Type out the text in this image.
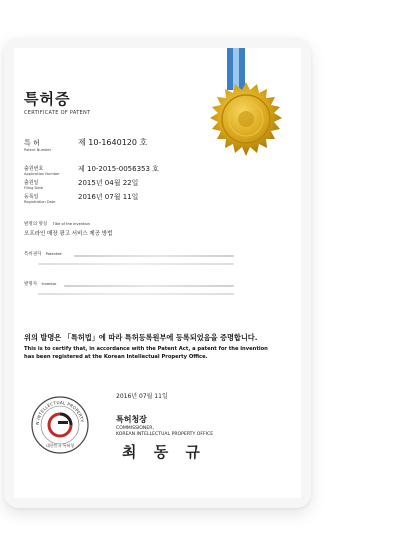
특허증
CERTIFICATE OF PATENT
특 허
Patent Number
제 10-1640120 호
출원번호
Application Number
제 10-2015-0056353 호
출원일
Filing Date
2015년 04월 22일
등록일
Registration Date
2016년 07월 11일
발명의 명칭 Title of the Invention
오프라인 매장 광고 서비스 제공 방법
특허권자 Patentee
발명자 Inventor
위의 발명은 「특허법」에 따라 특허등록원부에 등록되었음을 증명합니다.
This is to certify that, in accordance with the Patent Act, a patent for the invention
has been registered at the Korean Intellectual Property Office.
2016년 07월 11일
특허청장
COMMISSIONER,
KOREAN INTELLECTUAL PROPERTY OFFICE
최 동 규
N INTELLECTUAL PROPERTY
대한민국 특허청
